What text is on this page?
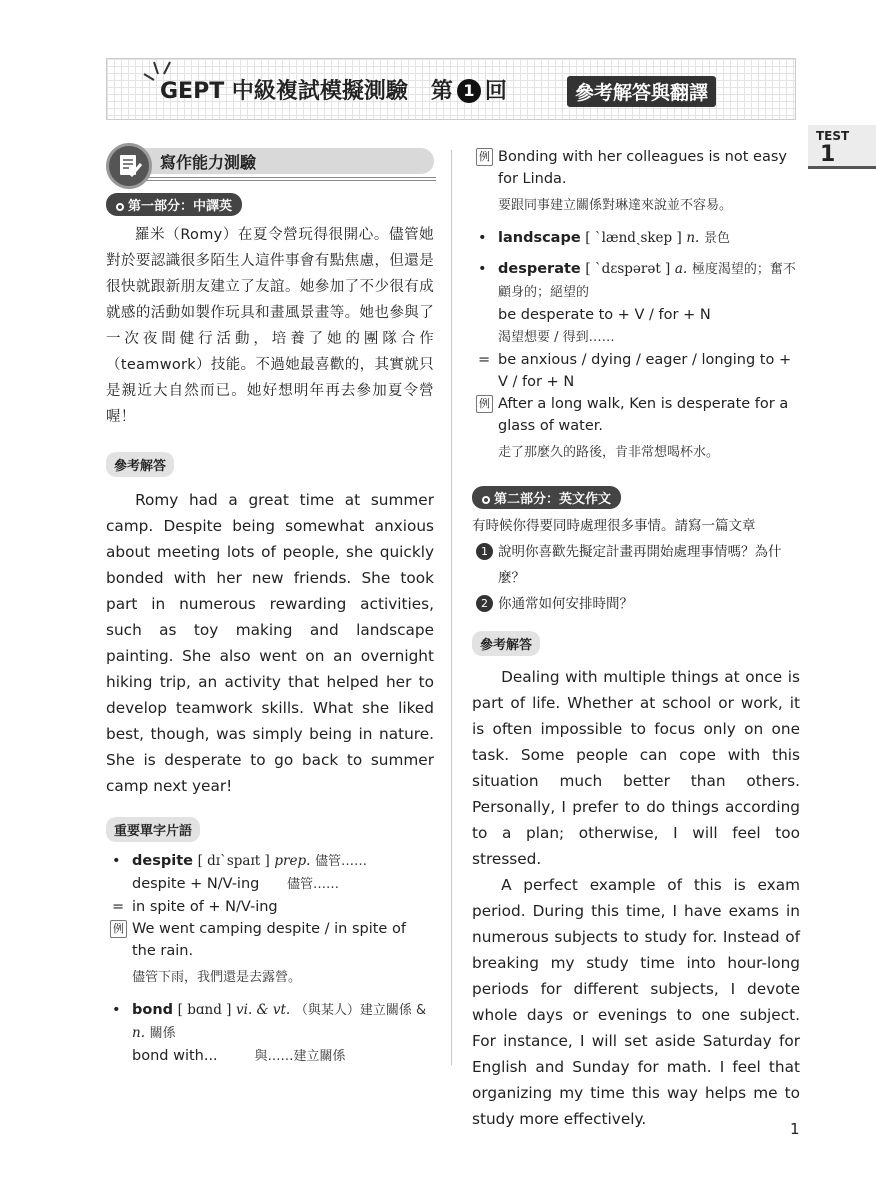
GEPT 中級複試模擬測驗 第 1 回	參考解答與翻譯
TEST
1
寫作能力測驗
第一部分：中譯英
羅米（Romy）在夏令營玩得很開心。儘管她對於要認識很多陌生人這件事會有點焦慮，但還是很快就跟新朋友建立了友誼。她參加了不少很有成就感的活動如製作玩具和畫風景畫等。她也參與了一次夜間健行活動，培養了她的團隊合作（teamwork）技能。不過她最喜歡的，其實就只是親近大自然而已。她好想明年再去參加夏令營喔！
參考解答

Romy had a great time at summer camp. Despite being somewhat anxious about meeting lots of people, she quickly bonded with her new friends. She took part in numerous rewarding activities, such as toy making and landscape painting. She also went on an overnight hiking trip, an activity that helped her to develop teamwork skills. What she liked best, though, was simply being in nature. She is desperate to go back to summer camp next year!

重要單字片語
• despite [ dɪˋspaɪt ] prep. 儘管……
despite + N/V-ing 儘管……
= in spite of + N/V-ing
例 We went camping despite / in spite of the rain.
儘管下雨，我們還是去露營。
• bond [ bɑnd ] vi. & vt. （與某人）建立關係 & n. 關係
bond with...	與……建立關係
例 Bonding with her colleagues is not easy for Linda.
要跟同事建立關係對琳達來說並不容易。
• landscape [ ˋlændˏskep ] n. 景色
• desperate [ ˋdɛspərət ] a. 極度渴望的；奮不顧身的；絕望的
be desperate to + V / for + N
渴望想要 / 得到……
= be anxious / dying / eager / longing to + V / for + N
例 After a long walk, Ken is desperate for a glass of water.
走了那麼久的路後，肯非常想喝杯水。
第二部分：英文作文
有時候你得要同時處理很多事情。請寫一篇文章
1 說明你喜歡先擬定計畫再開始處理事情嗎？為什麼？
2 你通常如何安排時間？
參考解答

Dealing with multiple things at once is part of life. Whether at school or work, it is often impossible to focus only on one task. Some people can cope with this situation much better than others. Personally, I prefer to do things according to a plan; otherwise, I will feel too stressed.

A perfect example of this is exam period. During this time, I have exams in numerous subjects to study for. Instead of breaking my study time into hour-long periods for different subjects, I devote whole days or evenings to one subject. For instance, I will set aside Saturday for English and Sunday for math. I feel that organizing my time this way helps me to study more effectively.

1
